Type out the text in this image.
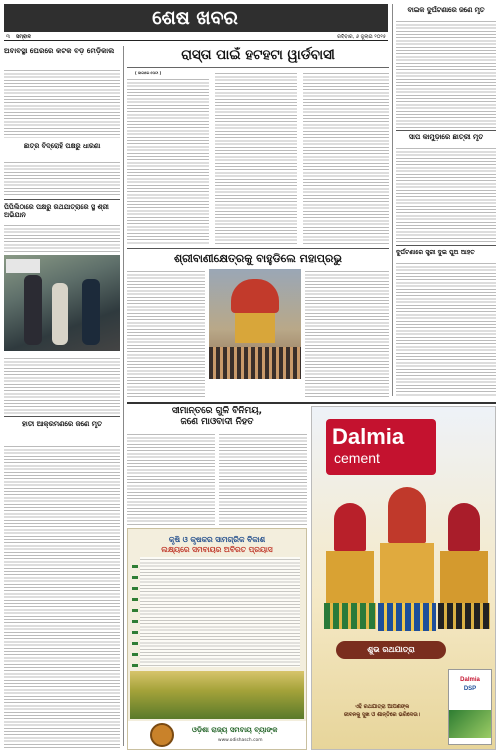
ଶେଷ ଖବର
୩ ସମ୍ବାଦ	ରବିବାର, ୬ ଜୁଲାଇ ୨୦୨୫
ଅବାବସ୍ଥା ଘେରରେ କଟକ ବଡ଼ ମେଡ଼ିକାଲ
ଛାତ୍ର ବିଦ୍ରୋହି ପକ୍ଷରୁ ଧାରଣା
ପିପିଲିଠାରେ ପକ୍ଷରୁ ରଥଯାତ୍ରାରେ ସ୍ଥ ଶ୍ରୀ ଅଭିଯାନ
ହାତୀ ଆକ୍ରମଣରେ ଜଣେ ମୃତ
ରାସ୍ତା ପାଇଁ ହଟହଟା ୱାର୍ଡବାସୀ
[ ଜାଗାରେ ପେଟା ]
ଶ୍ରୀବାଣୀକ୍ଷେତ୍ରକୁ ବାହୁଡିଲେ ମହାପ୍ରଭୁ
ବାଇକ ଦୁର୍ଘଟଣାରେ ଜଣେ ମୃତ
ସାପ କାମୁଡ଼ାରେ ଛାତ୍ରୀ ମୃତ
ଦୁର୍ଘଟଣାରେ ସ୍ତ୍ରୀ ଦୁଇ ପୁଅ ଆହତ
ସୀମାନ୍ତରେ ଗୁଳି ବିନିମୟ,
ଜଣେ ମାଓବାଦୀ ନିହତ
କୃଷି ଓ କୃଷକର ସାମଗ୍ରିକ ବିକାଶ
ଲକ୍ଷ୍ୟରେ ସମବାୟର ଅବିରତ ପ୍ରୟାସ
ଓଡ଼ିଶା ରାଜ୍ୟ ସମବାୟ ବ୍ୟାଙ୍କ
www.odishasch.com
Dalmia
cement
ଶୁଭ ରଥଯାତ୍ରା
ଏହି ରଥଯାତ୍ରା ଆପଣଙ୍କ
ଜୀବନକୁ ସୁଖ ଓ ଶାନ୍ତିରେ ଭରିଦେଉ।
Dalmia
DSP
